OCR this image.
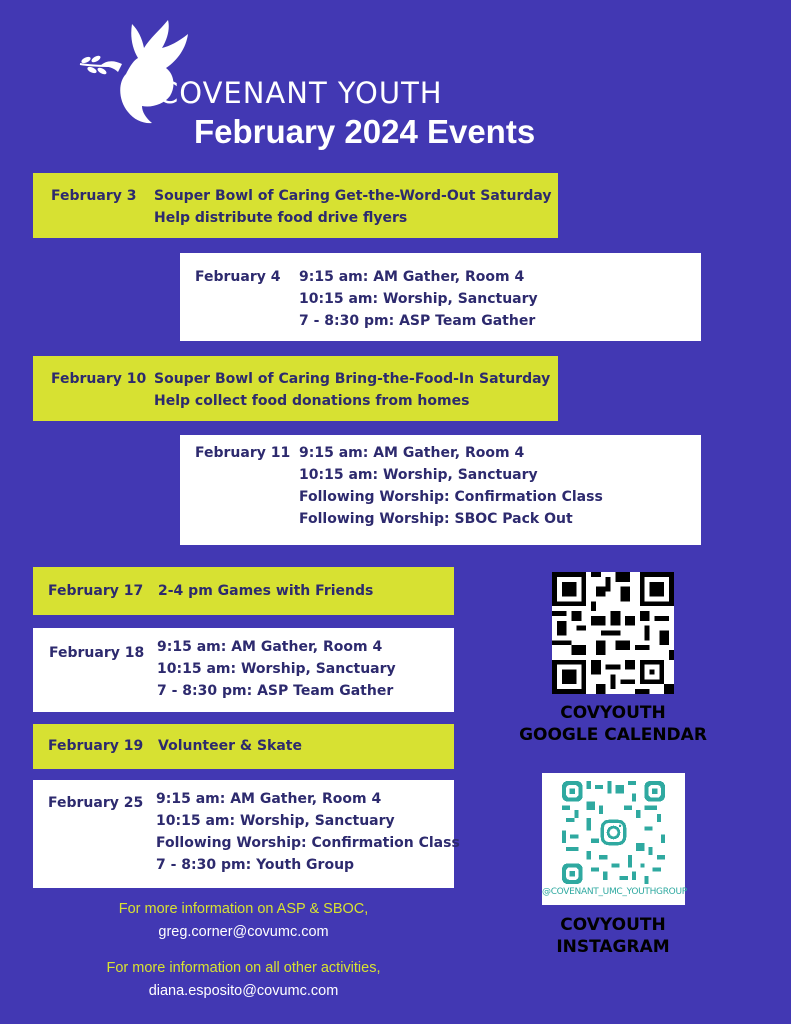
COVENANT YOUTH
February 2024 Events
February 3 Souper Bowl of Caring Get-the-Word-Out Saturday
Help distribute food drive flyers
February 4 9:15 am: AM Gather, Room 4
10:15 am: Worship, Sanctuary
7 - 8:30 pm: ASP Team Gather
February 10 Souper Bowl of Caring Bring-the-Food-In Saturday
Help collect food donations from homes
February 11 9:15 am: AM Gather, Room 4
10:15 am: Worship, Sanctuary
Following Worship: Confirmation Class
Following Worship: SBOC Pack Out
February 17 2-4 pm Games with Friends
February 18 9:15 am: AM Gather, Room 4
10:15 am: Worship, Sanctuary
7 - 8:30 pm: ASP Team Gather
February 19 Volunteer & Skate
February 25 9:15 am: AM Gather, Room 4
10:15 am: Worship, Sanctuary
Following Worship: Confirmation Class
7 - 8:30 pm: Youth Group
COVYOUTH
GOOGLE CALENDAR
@COVENANT_UMC_YOUTHGROUP
COVYOUTH
INSTAGRAM
For more information on ASP & SBOC,
greg.corner@covumc.com
For more information on all other activities,
diana.esposito@covumc.com
